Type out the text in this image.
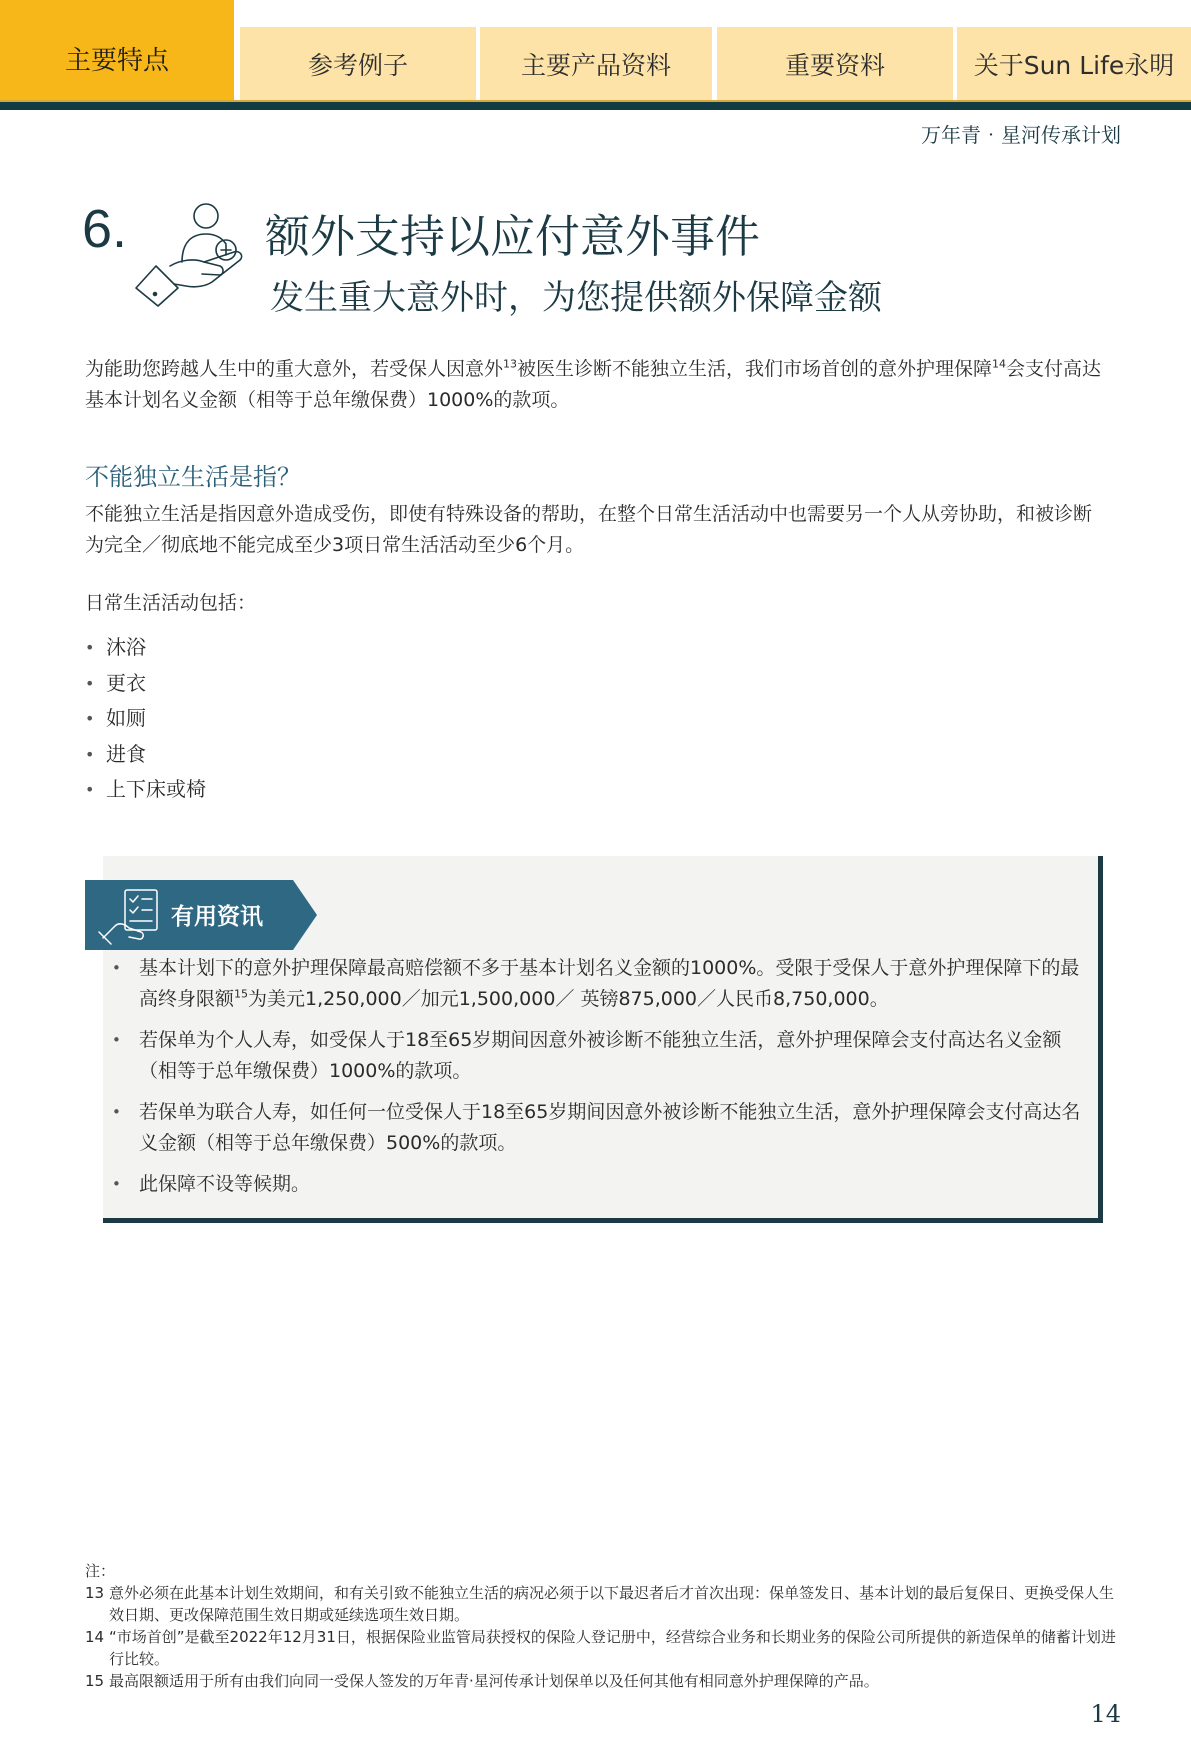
主要特点	参考例子	主要产品资料	重要资料	关于Sun Life永明
万年青‧星河传承计划
6.	额外支持以应付意外事件
发生重大意外时，为您提供额外保障金额
为能助您跨越人生中的重大意外，若受保人因意外$^{13}$被医生诊断不能独立生活，我们市场首创的意外护理保障$^{14}$会支付高达基本计划名义金额（相等于总年缴保费）1000%的款项。
不能独立生活是指？
不能独立生活是指因意外造成受伤，即使有特殊设备的帮助，在整个日常生活活动中也需要另一个人从旁协助，和被诊断为完全／彻底地不能完成至少3项日常生活活动至少6个月。
日常生活活动包括：
• 沐浴
• 更衣
• 如厕
• 进食
• 上下床或椅
有用资讯
• 基本计划下的意外护理保障最高赔偿额不多于基本计划名义金额的1000%。受限于受保人于意外护理保障下的最高终身限额$^{15}$为美元1,250,000／加元1,500,000／ 英镑875,000／人民币8,750,000。
• 若保单为个人人寿，如受保人于18至65岁期间因意外被诊断不能独立生活，意外护理保障会支付高达名义金额（相等于总年缴保费）1000%的款项。
• 若保单为联合人寿，如任何一位受保人于18至65岁期间因意外被诊断不能独立生活，意外护理保障会支付高达名义金额（相等于总年缴保费）500%的款项。
• 此保障不设等候期。
注：
13 意外必须在此基本计划生效期间，和有关引致不能独立生活的病况必须于以下最迟者后才首次出现：保单签发日、基本计划的最后复保日、更换受保人生效日期、更改保障范围生效日期或延续选项生效日期。
14 “市场首创”是截至2022年12月31日，根据保险业监管局获授权的保险人登记册中，经营综合业务和长期业务的保险公司所提供的新造保单的储蓄计划进行比较。
15 最高限额适用于所有由我们向同一受保人签发的万年青‧星河传承计划保单以及任何其他有相同意外护理保障的产品。
14
